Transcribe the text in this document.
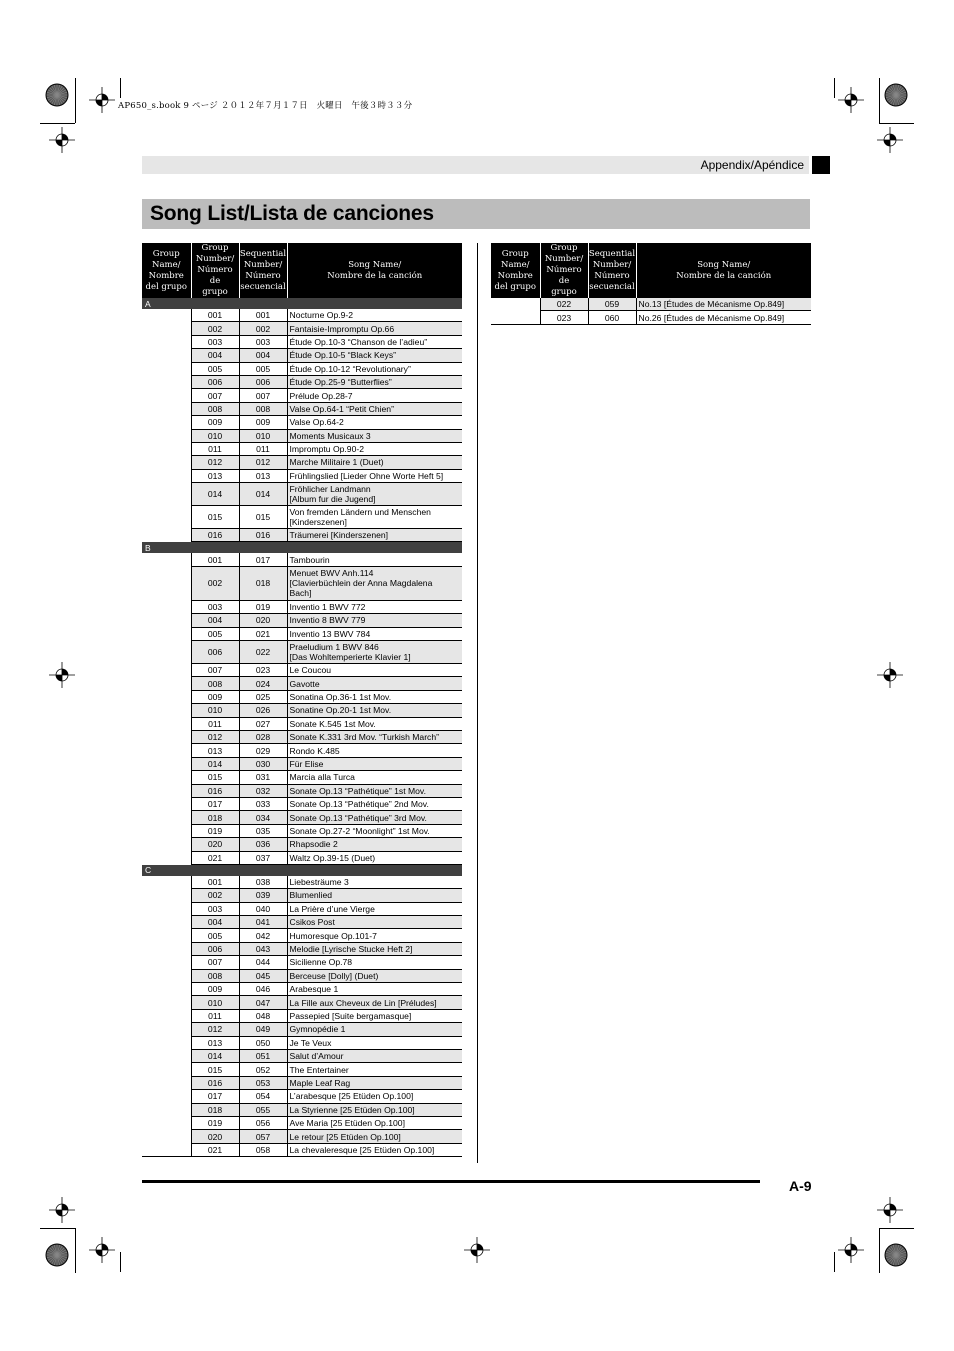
AP650_s.book 9 ページ ２０１２年７月１７日　火曜日　午後３時３３分
Appendix/Apéndice
Song List/Lista de canciones
Group
Name/
Nombre
del grupo	Group
Number/
Número de
grupo	Sequential
Number/
Número
secuencial	Song Name/
Nombre de la canción
A			
	001	001	Nocturne Op.9-2
	002	002	Fantaisie-Impromptu Op.66
	003	003	Étude Op.10-3 “Chanson de l’adieu”
	004	004	Étude Op.10-5 “Black Keys”
	005	005	Étude Op.10-12 “Revolutionary”
	006	006	Étude Op.25-9 “Butterflies”
	007	007	Prélude Op.28-7
	008	008	Valse Op.64-1 “Petit Chien”
	009	009	Valse Op.64-2
	010	010	Moments Musicaux 3
	011	011	Impromptu Op.90-2
	012	012	Marche Militaire 1 (Duet)
	013	013	Frühlingslied [Lieder Ohne Worte Heft 5]
	014	014	Fröhlicher Landmann
[Album fur die Jugend]
	015	015	Von fremden Ländern und Menschen
[Kinderszenen]
	016	016	Träumerei [Kinderszenen]
B			
	001	017	Tambourin
	002	018	Menuet BWV Anh.114
[Clavierbüchlein der Anna Magdalena
Bach]
	003	019	Inventio 1 BWV 772
	004	020	Inventio 8 BWV 779
	005	021	Inventio 13 BWV 784
	006	022	Praeludium 1 BWV 846
[Das Wohltemperierte Klavier 1]
	007	023	Le Coucou
	008	024	Gavotte
	009	025	Sonatina Op.36-1 1st Mov.
	010	026	Sonatine Op.20-1 1st Mov.
	011	027	Sonate K.545 1st Mov.
	012	028	Sonate K.331 3rd Mov. “Turkish March”
	013	029	Rondo K.485
	014	030	Für Elise
	015	031	Marcia alla Turca
	016	032	Sonate Op.13 “Pathétique” 1st Mov.
	017	033	Sonate Op.13 “Pathétique” 2nd Mov.
	018	034	Sonate Op.13 “Pathétique” 3rd Mov.
	019	035	Sonate Op.27-2 “Moonlight” 1st Mov.
	020	036	Rhapsodie 2
	021	037	Waltz Op.39-15 (Duet)
C			
	001	038	Liebesträume 3
	002	039	Blumenlied
	003	040	La Prière d’une Vierge
	004	041	Csikos Post
	005	042	Humoresque Op.101-7
	006	043	Melodie [Lyrische Stucke Heft 2]
	007	044	Sicilienne Op.78
	008	045	Berceuse [Dolly] (Duet)
	009	046	Arabesque 1
	010	047	La Fille aux Cheveux de Lin [Préludes]
	011	048	Passepied [Suite bergamasque]
	012	049	Gymnopédie 1
	013	050	Je Te Veux
	014	051	Salut d’Amour
	015	052	The Entertainer
	016	053	Maple Leaf Rag
	017	054	L’arabesque [25 Etüden Op.100]
	018	055	La Styrienne [25 Etüden Op.100]
	019	056	Ave Maria [25 Etüden Op.100]
	020	057	Le retour [25 Etüden Op.100]
	021	058	La chevaleresque [25 Etüden Op.100]
Group
Name/
Nombre
del grupo	Group
Number/
Número de
grupo	Sequential
Number/
Número
secuencial	Song Name/
Nombre de la canción
	022	059	No.13 [Études de Mécanisme Op.849]
	023	060	No.26 [Études de Mécanisme Op.849]
A-9
